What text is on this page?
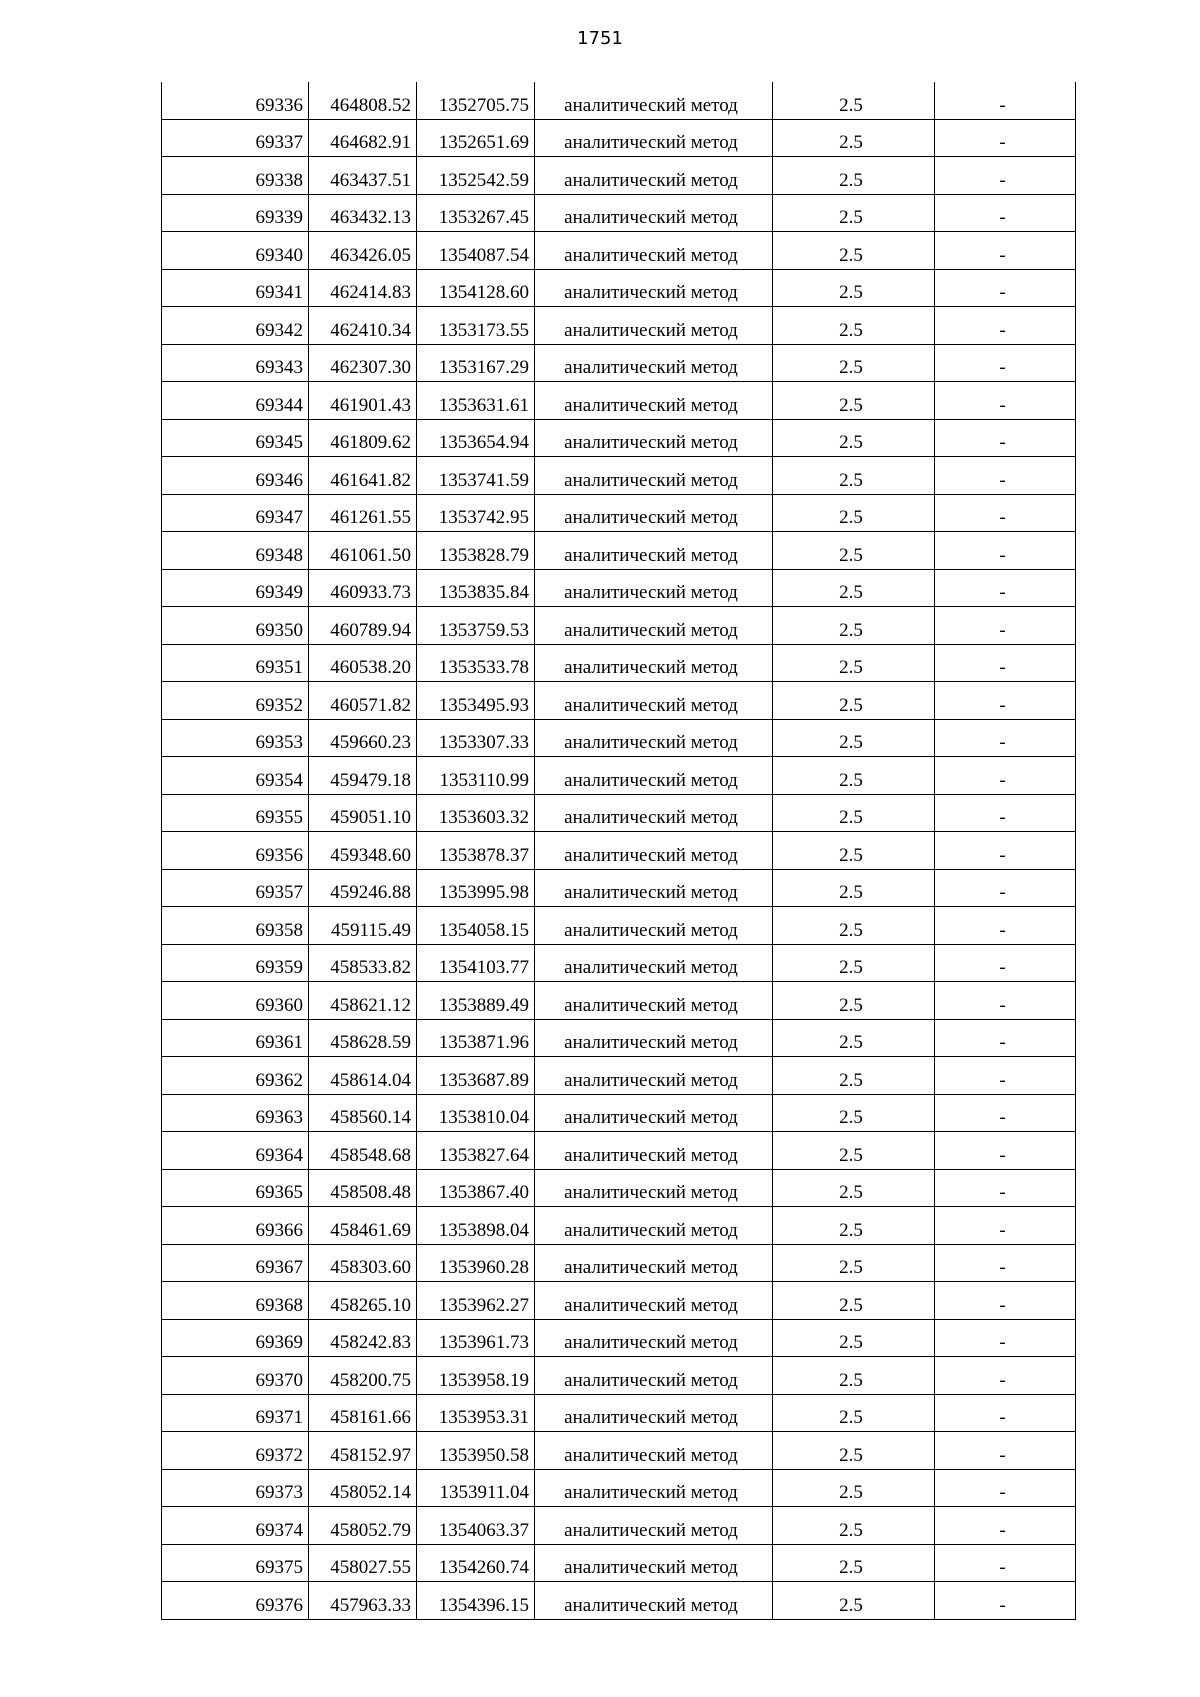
1751
69336	464808.52	1352705.75	аналитический метод	2.5	-
69337	464682.91	1352651.69	аналитический метод	2.5	-
69338	463437.51	1352542.59	аналитический метод	2.5	-
69339	463432.13	1353267.45	аналитический метод	2.5	-
69340	463426.05	1354087.54	аналитический метод	2.5	-
69341	462414.83	1354128.60	аналитический метод	2.5	-
69342	462410.34	1353173.55	аналитический метод	2.5	-
69343	462307.30	1353167.29	аналитический метод	2.5	-
69344	461901.43	1353631.61	аналитический метод	2.5	-
69345	461809.62	1353654.94	аналитический метод	2.5	-
69346	461641.82	1353741.59	аналитический метод	2.5	-
69347	461261.55	1353742.95	аналитический метод	2.5	-
69348	461061.50	1353828.79	аналитический метод	2.5	-
69349	460933.73	1353835.84	аналитический метод	2.5	-
69350	460789.94	1353759.53	аналитический метод	2.5	-
69351	460538.20	1353533.78	аналитический метод	2.5	-
69352	460571.82	1353495.93	аналитический метод	2.5	-
69353	459660.23	1353307.33	аналитический метод	2.5	-
69354	459479.18	1353110.99	аналитический метод	2.5	-
69355	459051.10	1353603.32	аналитический метод	2.5	-
69356	459348.60	1353878.37	аналитический метод	2.5	-
69357	459246.88	1353995.98	аналитический метод	2.5	-
69358	459115.49	1354058.15	аналитический метод	2.5	-
69359	458533.82	1354103.77	аналитический метод	2.5	-
69360	458621.12	1353889.49	аналитический метод	2.5	-
69361	458628.59	1353871.96	аналитический метод	2.5	-
69362	458614.04	1353687.89	аналитический метод	2.5	-
69363	458560.14	1353810.04	аналитический метод	2.5	-
69364	458548.68	1353827.64	аналитический метод	2.5	-
69365	458508.48	1353867.40	аналитический метод	2.5	-
69366	458461.69	1353898.04	аналитический метод	2.5	-
69367	458303.60	1353960.28	аналитический метод	2.5	-
69368	458265.10	1353962.27	аналитический метод	2.5	-
69369	458242.83	1353961.73	аналитический метод	2.5	-
69370	458200.75	1353958.19	аналитический метод	2.5	-
69371	458161.66	1353953.31	аналитический метод	2.5	-
69372	458152.97	1353950.58	аналитический метод	2.5	-
69373	458052.14	1353911.04	аналитический метод	2.5	-
69374	458052.79	1354063.37	аналитический метод	2.5	-
69375	458027.55	1354260.74	аналитический метод	2.5	-
69376	457963.33	1354396.15	аналитический метод	2.5	-
